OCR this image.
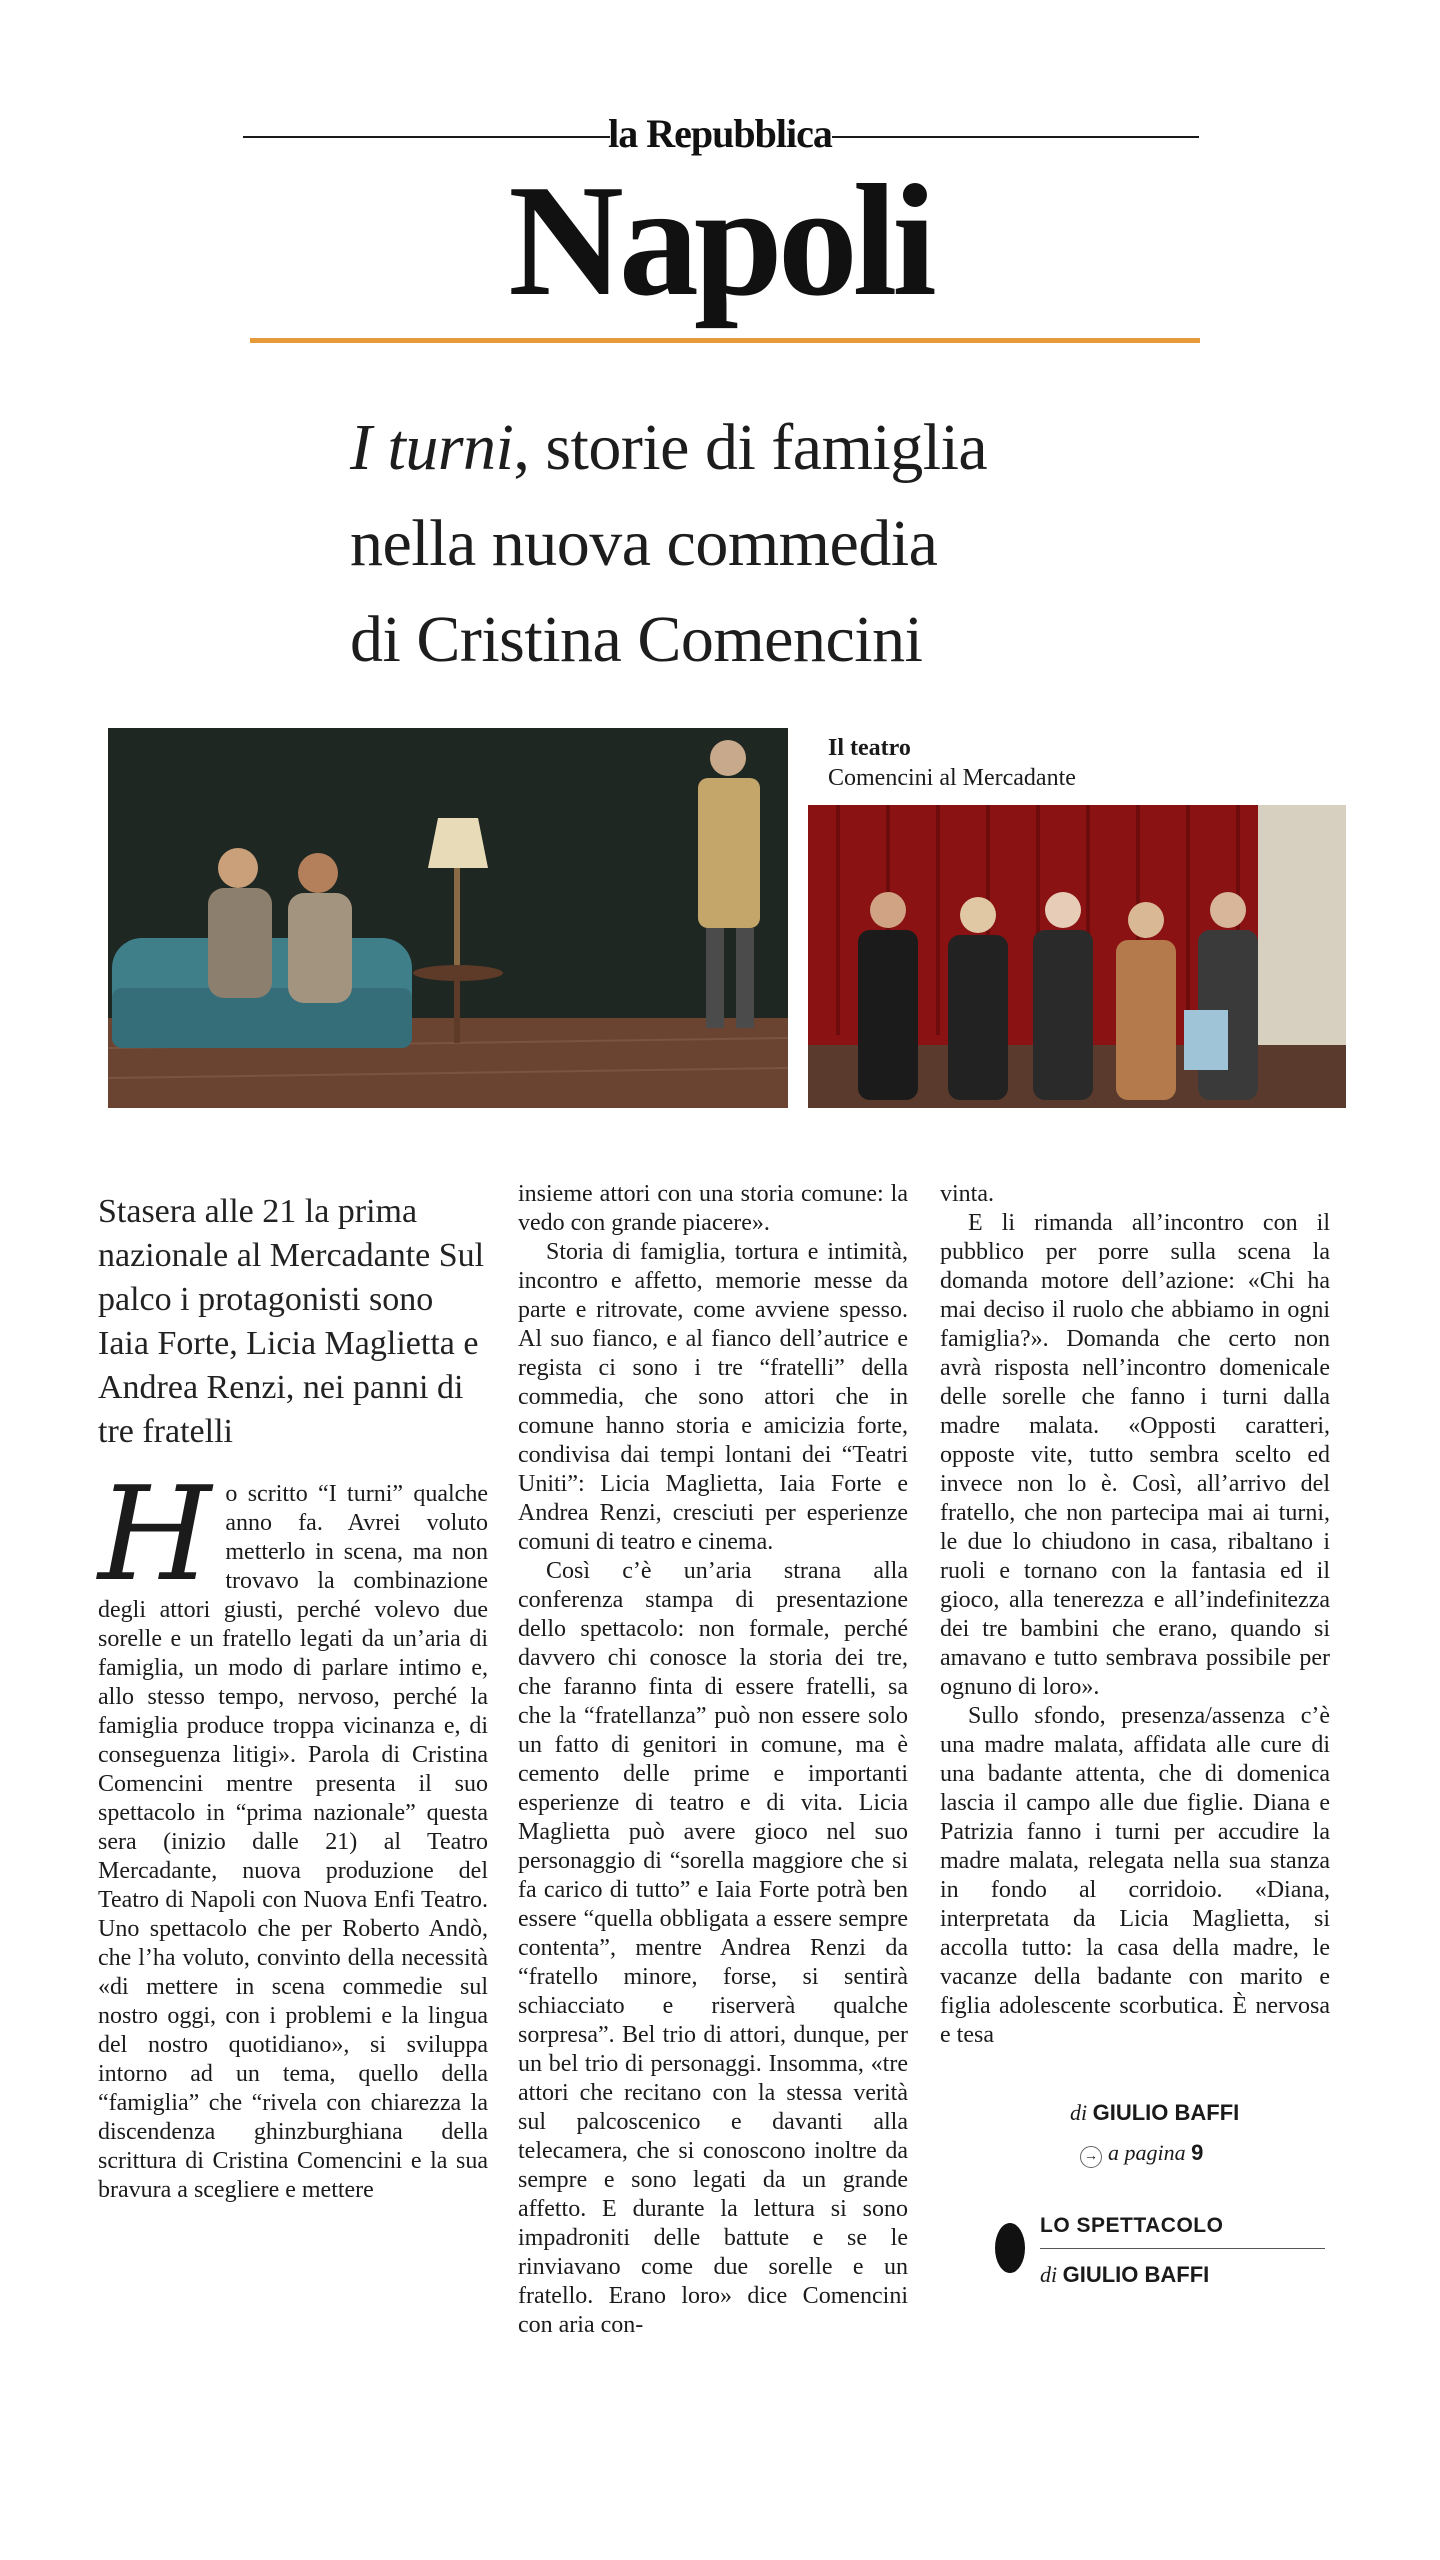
la Repubblica
Napoli
I turni, storie di famiglia
nella nuova commedia
di Cristina Comencini
Il teatro
Comencini al Mercadante
Stasera alle 21 la prima nazionale al Mercadante Sul palco i protagonisti sono Iaia Forte, Licia Maglietta e Andrea Renzi, nei panni di tre fratelli
H o scritto “I turni” qualche anno fa. Avrei voluto metterlo in scena, ma non trovavo la combinazione degli attori giusti, perché volevo due sorelle e un fratello legati da un’aria di famiglia, un modo di parlare intimo e, allo stesso tempo, nervoso, perché la famiglia produce troppa vicinanza e, di conseguenza litigi». Parola di Cristina Comencini mentre presenta il suo spettacolo in “prima nazionale” questa sera (inizio dalle 21) al Teatro Mercadante, nuova produzione del Teatro di Napoli con Nuova Enfi Teatro. Uno spettacolo che per Roberto Andò, che l’ha voluto, convinto della necessità «di mettere in scena commedie sul nostro oggi, con i problemi e la lingua del nostro quotidiano», si sviluppa intorno ad un tema, quello della “famiglia” che “rivela con chiarezza la discendenza ghinzburghiana della scrittura di Cristina Comencini e la sua bravura a scegliere e mettere

insieme attori con una storia comune: la vedo con grande piacere».

Storia di famiglia, tortura e intimità, incontro e affetto, memorie messe da parte e ritrovate, come avviene spesso. Al suo fianco, e al fianco dell’autrice e regista ci sono i tre “fratelli” della commedia, che sono attori che in comune hanno storia e amicizia forte, condivisa dai tempi lontani dei “Teatri Uniti”: Licia Maglietta, Iaia Forte e Andrea Renzi, cresciuti per esperienze comuni di teatro e cinema.

Così c’è un’aria strana alla conferenza stampa di presentazione dello spettacolo: non formale, perché davvero chi conosce la storia dei tre, che faranno finta di essere fratelli, sa che la “fratellanza” può non essere solo un fatto di genitori in comune, ma è cemento delle prime e importanti esperienze di teatro e di vita. Licia Maglietta può avere gioco nel suo personaggio di “sorella maggiore che si fa carico di tutto” e Iaia Forte potrà ben essere “quella obbligata a essere sempre contenta”, mentre Andrea Renzi da “fratello minore, forse, si sentirà schiacciato e riserverà qualche sorpresa”. Bel trio di attori, dunque, per un bel trio di personaggi. Insomma, «tre attori che recitano con la stessa verità sul palcoscenico e davanti alla telecamera, che si conoscono inoltre da sempre e sono legati da un grande affetto. E durante la lettura si sono impadroniti delle battute e se le rinviavano come due sorelle e un fratello. Erano loro» dice Comencini con aria con-

vinta.

E li rimanda all’incontro con il pubblico per porre sulla scena la domanda motore dell’azione: «Chi ha mai deciso il ruolo che abbiamo in ogni famiglia?». Domanda che certo non avrà risposta nell’incontro domenicale delle sorelle che fanno i turni dalla madre malata. «Opposti caratteri, opposte vite, tutto sembra scelto ed invece non lo è. Così, all’arrivo del fratello, che non partecipa mai ai turni, le due lo chiudono in casa, ribaltano i ruoli e tornano con la fantasia ed il gioco, alla tenerezza e all’indefinitezza dei tre bambini che erano, quando si amavano e tutto sembrava possibile per ognuno di loro».

Sullo sfondo, presenza/assenza c’è una madre malata, affidata alle cure di una badante attenta, che di domenica lascia il campo alle due figlie. Diana e Patrizia fanno i turni per accudire la madre malata, relegata nella sua stanza in fondo al corridoio. «Diana, interpretata da Licia Maglietta, si accolla tutto: la casa della madre, le vacanze della badante con marito e figlia adolescente scorbutica. È nervosa e tesa

di GIULIO BAFFI
→ a pagina 9
LO SPETTACOLO
di GIULIO BAFFI
